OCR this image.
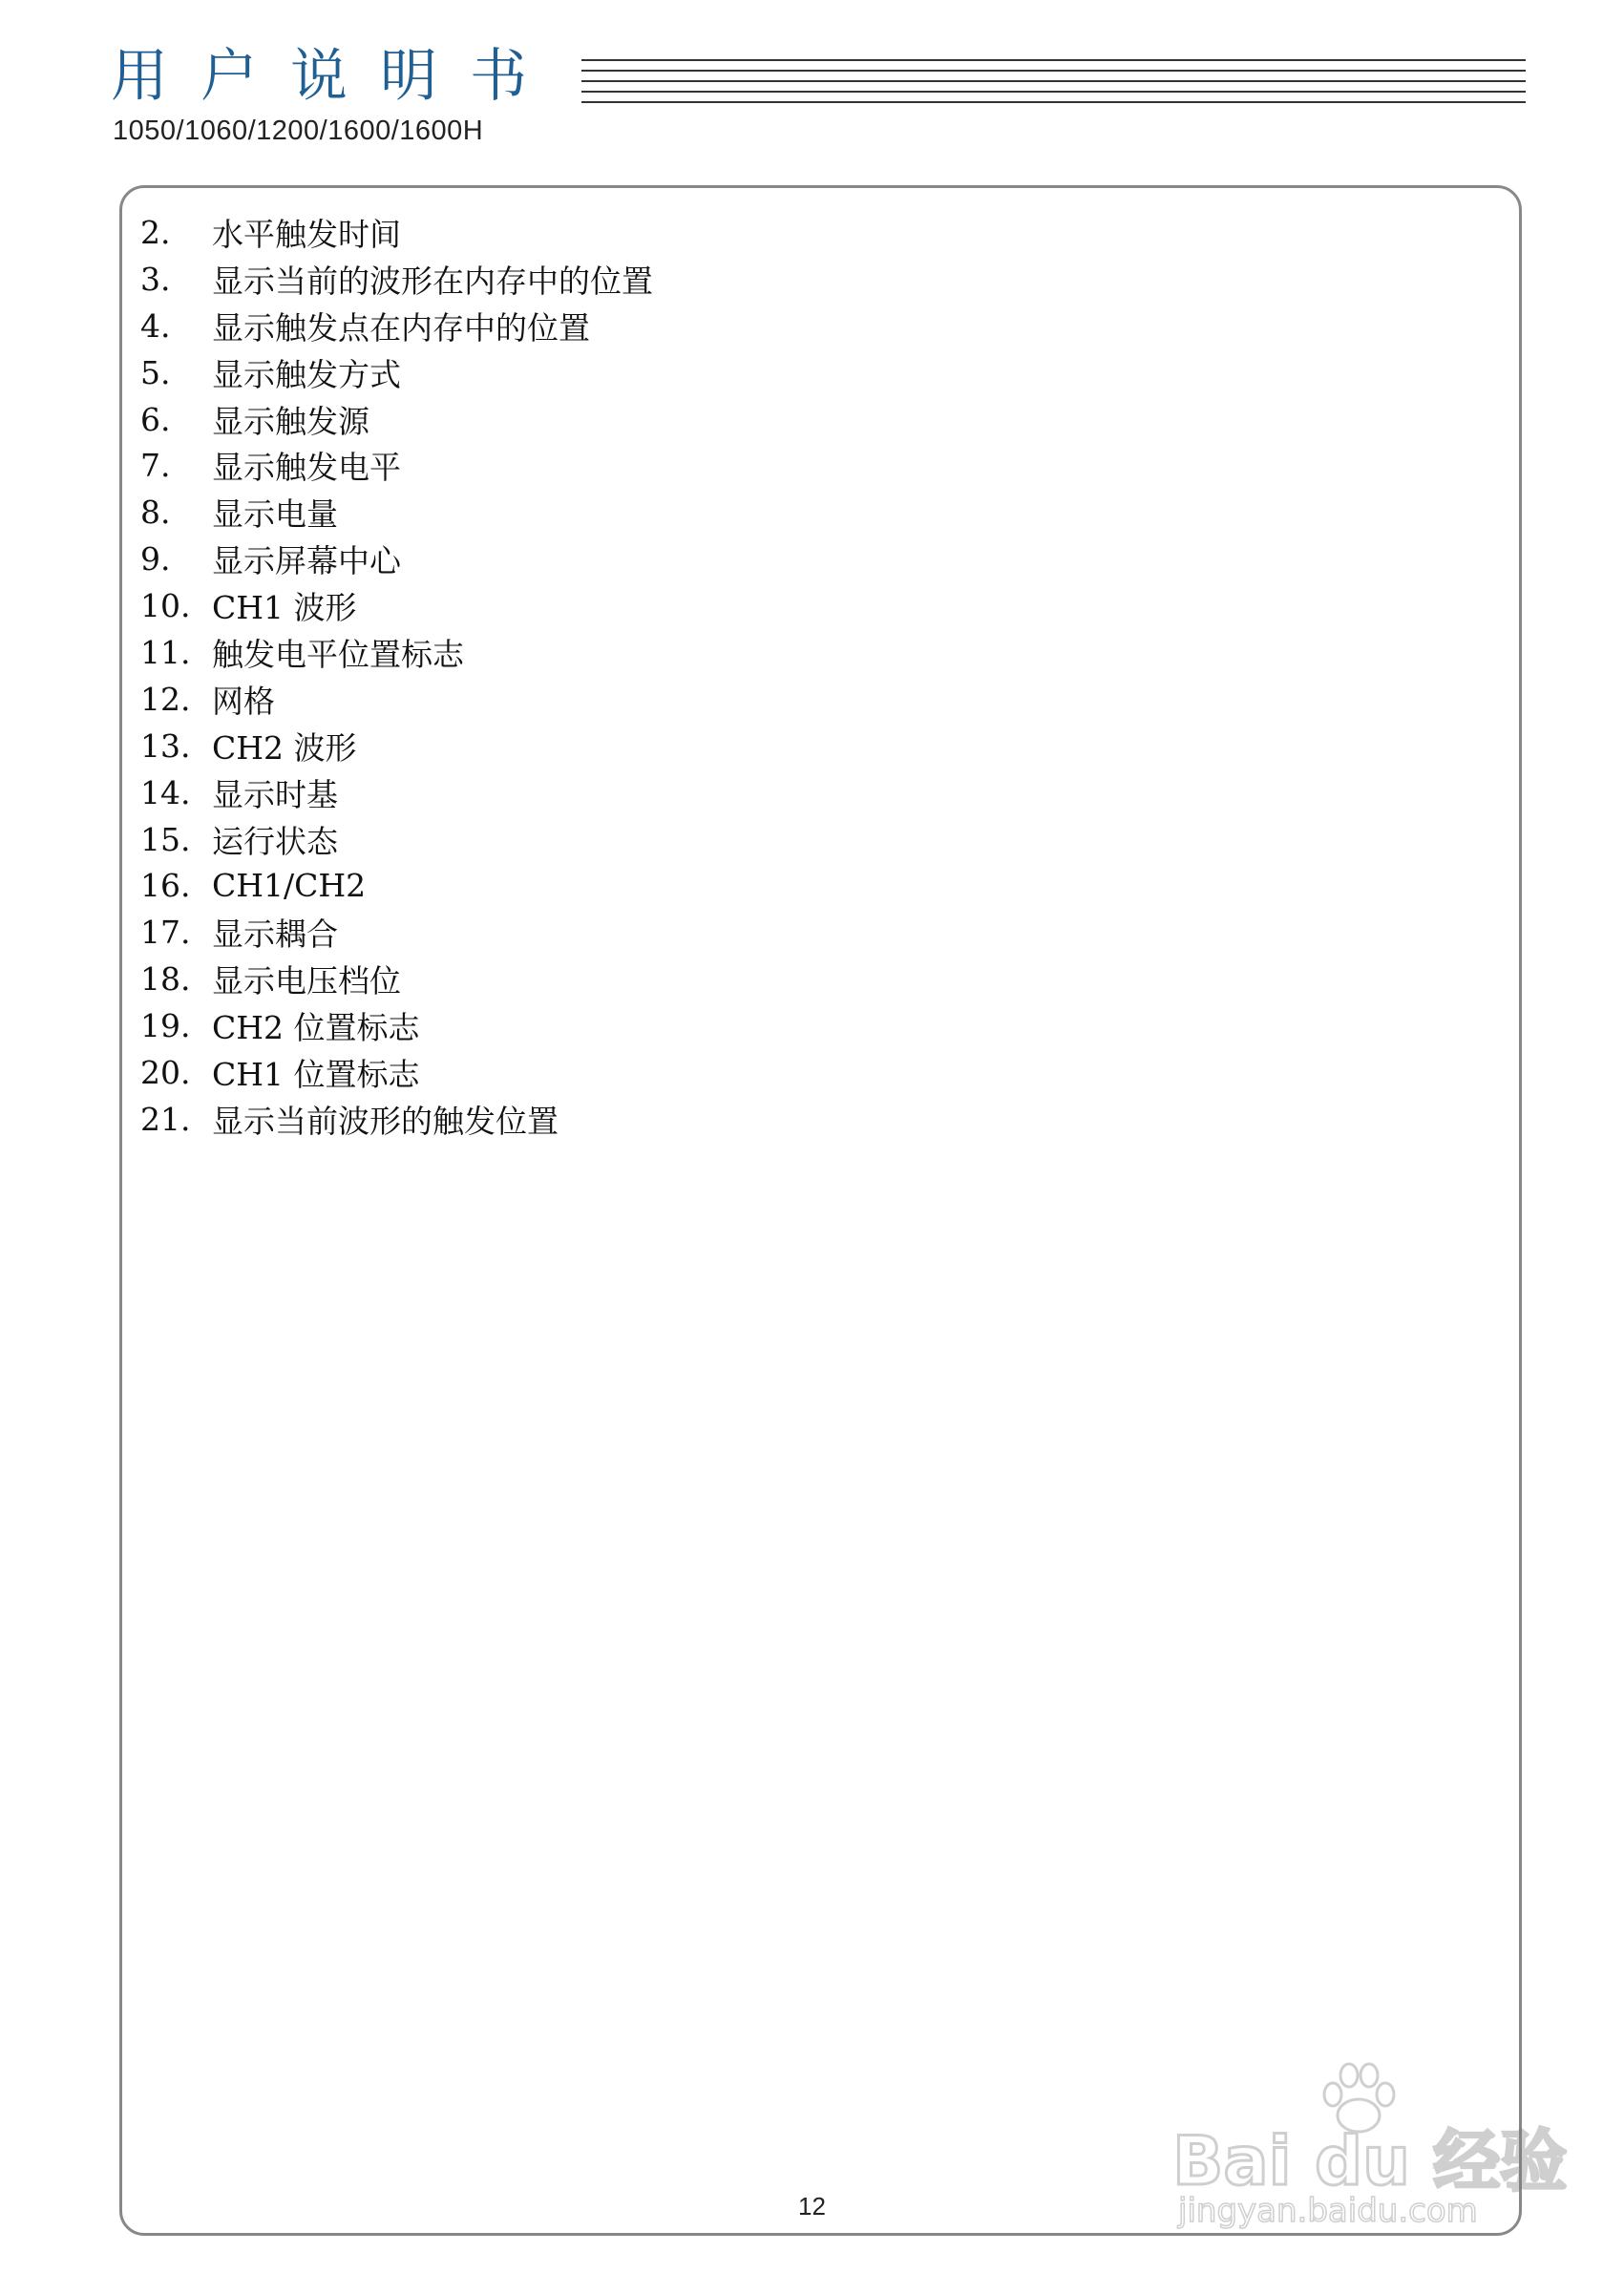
用户说明书
1050/1060/1200/1600/1600H
2.	水平触发时间
3.	显示当前的波形在内存中的位置
4.	显示触发点在内存中的位置
5.	显示触发方式
6.	显示触发源
7.	显示触发电平
8.	显示电量
9.	显示屏幕中心
10. CH1 波形
11. 触发电平位置标志
12. 网格
13. CH2 波形
14. 显示时基
15. 运行状态
16. CH1/CH2
17. 显示耦合
18. 显示电压档位
19. CH2 位置标志
20. CH1 位置标志
21. 显示当前波形的触发位置
12
Bai du 经验
jingyan.baidu.com
